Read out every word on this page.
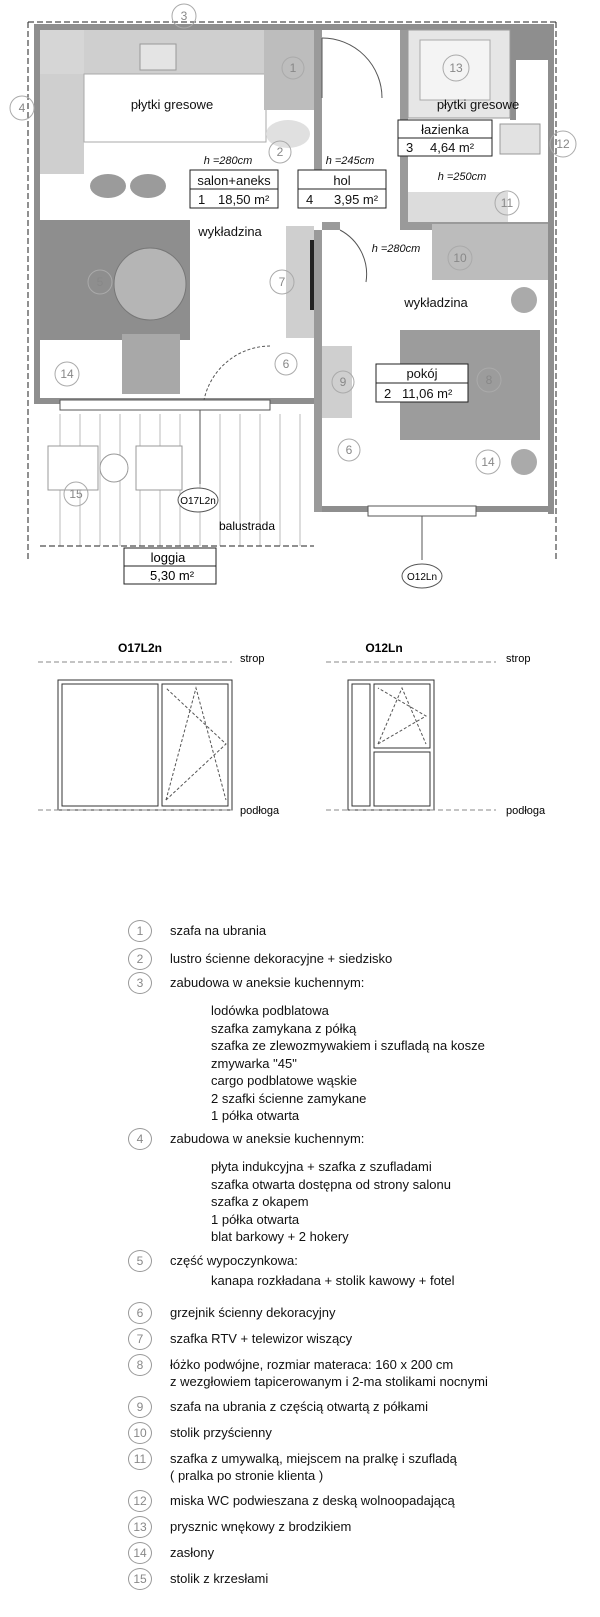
1
2
3
4
5
6
6
7
8
9
10
11
12
13
14
14
15
płytki gresowe	płytki gresowe
wykładzina
wykładzina
h =280cm	h =245cm
h =250cm
h =280cm
salon+aneks
1 18,50 m²
hol
4 3,95 m²
łazienka
3 4,64 m²
pokój
2 11,06 m²
loggia
5,30 m²
balustrada
O17L2n
O12Ln
O17L2n
strop
podłoga
O12Ln
strop
podłoga
1	szafa na ubrania
2	lustro ścienne dekoracyjne + siedzisko
3	zabudowa w aneksie kuchennym:
lodówka podblatowa
szafka zamykana z półką
szafka ze zlewozmywakiem i szufladą na kosze
zmywarka "45"
cargo podblatowe wąskie
2 szafki ścienne zamykane
1 półka otwarta
4	zabudowa w aneksie kuchennym:
płyta indukcyjna + szafka z szufladami
szafka otwarta dostępna od strony salonu
szafka z okapem
1 półka otwarta
blat barkowy + 2 hokery
5	część wypoczynkowa:
kanapa rozkładana + stolik kawowy + fotel
6	grzejnik ścienny dekoracyjny
7	szafka RTV + telewizor wiszący
8	łóżko podwójne, rozmiar materaca: 160 x 200 cm
z wezgłowiem tapicerowanym i 2-ma stolikami nocnymi
9	szafa na ubrania z częścią otwartą z półkami
10	stolik przyścienny
11	szafka z umywalką, miejscem na pralkę i szufladą
( pralka po stronie klienta )
12	miska WC podwieszana z deską wolnoopadającą
13	prysznic wnękowy z brodzikiem
14	zasłony
15	stolik z krzesłami
